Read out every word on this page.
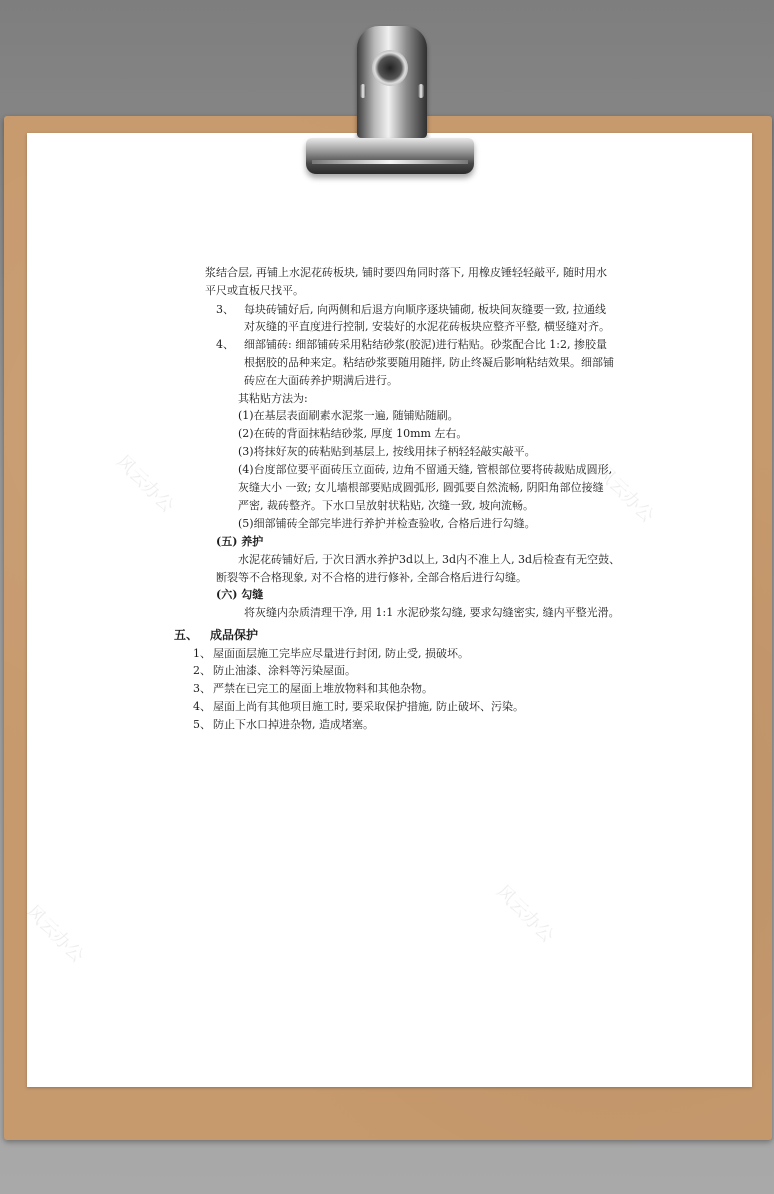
风云办公	风云办公
风云办公	风云办公
浆结合层, 再铺上水泥花砖板块, 铺时要四角同时落下, 用橡皮锤轻轻敲平, 随时用水
平尺或直板尺找平。
3、 每块砖铺好后, 向两侧和后退方向顺序逐块铺砌, 板块间灰缝要一致, 拉通线
对灰缝的平直度进行控制, 安装好的水泥花砖板块应整齐平整, 横竖缝对齐。
4、 细部铺砖: 细部铺砖采用粘结砂浆(胶泥)进行粘贴。砂浆配合比 1:2, 掺胶量
根据胶的品种来定。粘结砂浆要随用随拌, 防止终凝后影响粘结效果。细部铺
砖应在大面砖养护期满后进行。
其粘贴方法为:
(1)在基层表面刷素水泥浆一遍, 随铺贴随刷。
(2)在砖的背面抹粘结砂浆, 厚度 10mm 左右。
(3)将抹好灰的砖粘贴到基层上, 按线用抹子柄轻轻敲实敲平。
(4)台度部位要平面砖压立面砖, 边角不留通天缝, 管根部位要将砖裁贴成圆形,
灰缝大小 一致; 女儿墙根部要贴成圆弧形, 圆弧要自然流畅, 阴阳角部位接缝
严密, 裁砖整齐。下水口呈放射状粘贴, 次缝一致, 坡向流畅。
(5)细部铺砖全部完毕进行养护并检查验收, 合格后进行勾缝。
(五) 养护
水泥花砖铺好后, 于次日洒水养护3d以上, 3d内不准上人, 3d后检查有无空鼓、
断裂等不合格现象, 对不合格的进行修补, 全部合格后进行勾缝。
(六) 勾缝
将灰缝内杂质清理干净, 用 1:1 水泥砂浆勾缝, 要求勾缝密实, 缝内平整光滑。
五、 成品保护
1、 屋面面层施工完毕应尽量进行封闭, 防止受, 损破坏。
2、 防止油漆、涂料等污染屋面。
3、 严禁在已完工的屋面上堆放物料和其他杂物。
4、 屋面上尚有其他项目施工时, 要采取保护措施, 防止破坏、污染。
5、 防止下水口掉进杂物, 造成堵塞。
